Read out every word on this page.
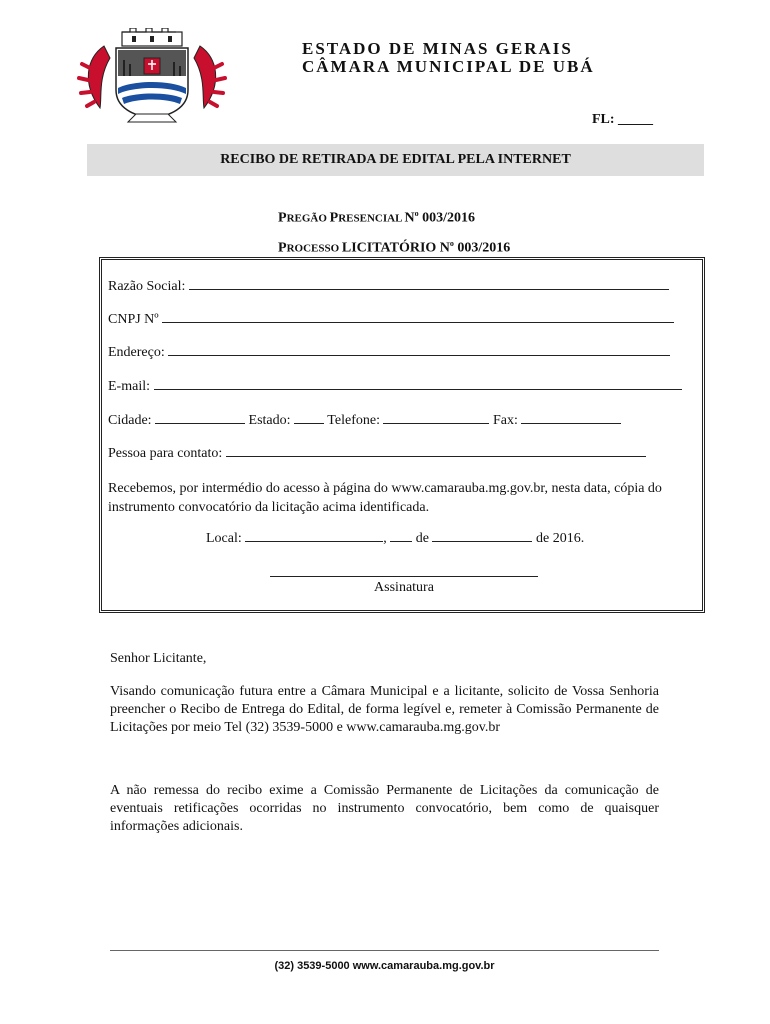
ESTADO DE MINAS GERAIS
CÂMARA MUNICIPAL DE UBÁ
FL: _____
RECIBO DE RETIRADA DE EDITAL PELA INTERNET
PREGÃO PRESENCIAL $N^o$ 003/2016
PROCESSO LICITATÓRIO $N^o$ 003/2016
Razão Social:
CNPJ Nº
Endereço:
E-mail:
Cidade:	Estado:	Telefone:	Fax:
Pessoa para contato:
Recebemos, por intermédio do acesso à página do www.camarauba.mg.gov.br, nesta data, cópia do instrumento convocatório da licitação acima identificada.
Local:	, de	de 2016.
Assinatura
Senhor Licitante,
Visando comunicação futura entre a Câmara Municipal e a licitante, solicito de Vossa Senhoria preencher o Recibo de Entrega do Edital, de forma legível e, remeter à Comissão Permanente de Licitações por meio Tel (32) 3539-5000 e www.camarauba.mg.gov.br
A não remessa do recibo exime a Comissão Permanente de Licitações da comunicação de eventuais retificações ocorridas no instrumento convocatório, bem como de quaisquer informações adicionais.
(32) 3539-5000 www.camarauba.mg.gov.br
